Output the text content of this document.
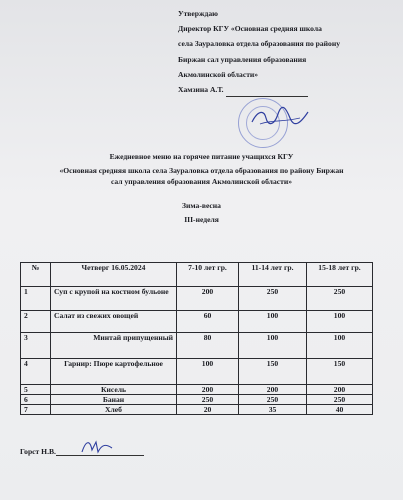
Утверждаю
Директор КГУ «Основная средняя школа
села Зауралoвка отдела образования по району
Биржан сал управления образования
Акмолинской области»
Хамзина А.Т.
Ежедневное меню на горячее питание учащихся КГУ
«Основная средняя школа села Зауралoвка отдела образования по району Биржан
сал управления образования Акмолинской области»
Зима-весна
III-неделя
№	Четверг 16.05.2024	7-10 лет гр.	11-14 лет гр.	15-18 лет гр.
1	Суп с крупой на костном бульоне	200	250	250
2	Салат из свежих овощей	60	100	100
3	Минтай припущенный	80	100	100
4	Гарнир: Пюре картофельное	100	150	150
5	Кисель	200	200	200
6	Банан	250	250	250
7	Хлеб	20	35	40
Горст Н.В.
